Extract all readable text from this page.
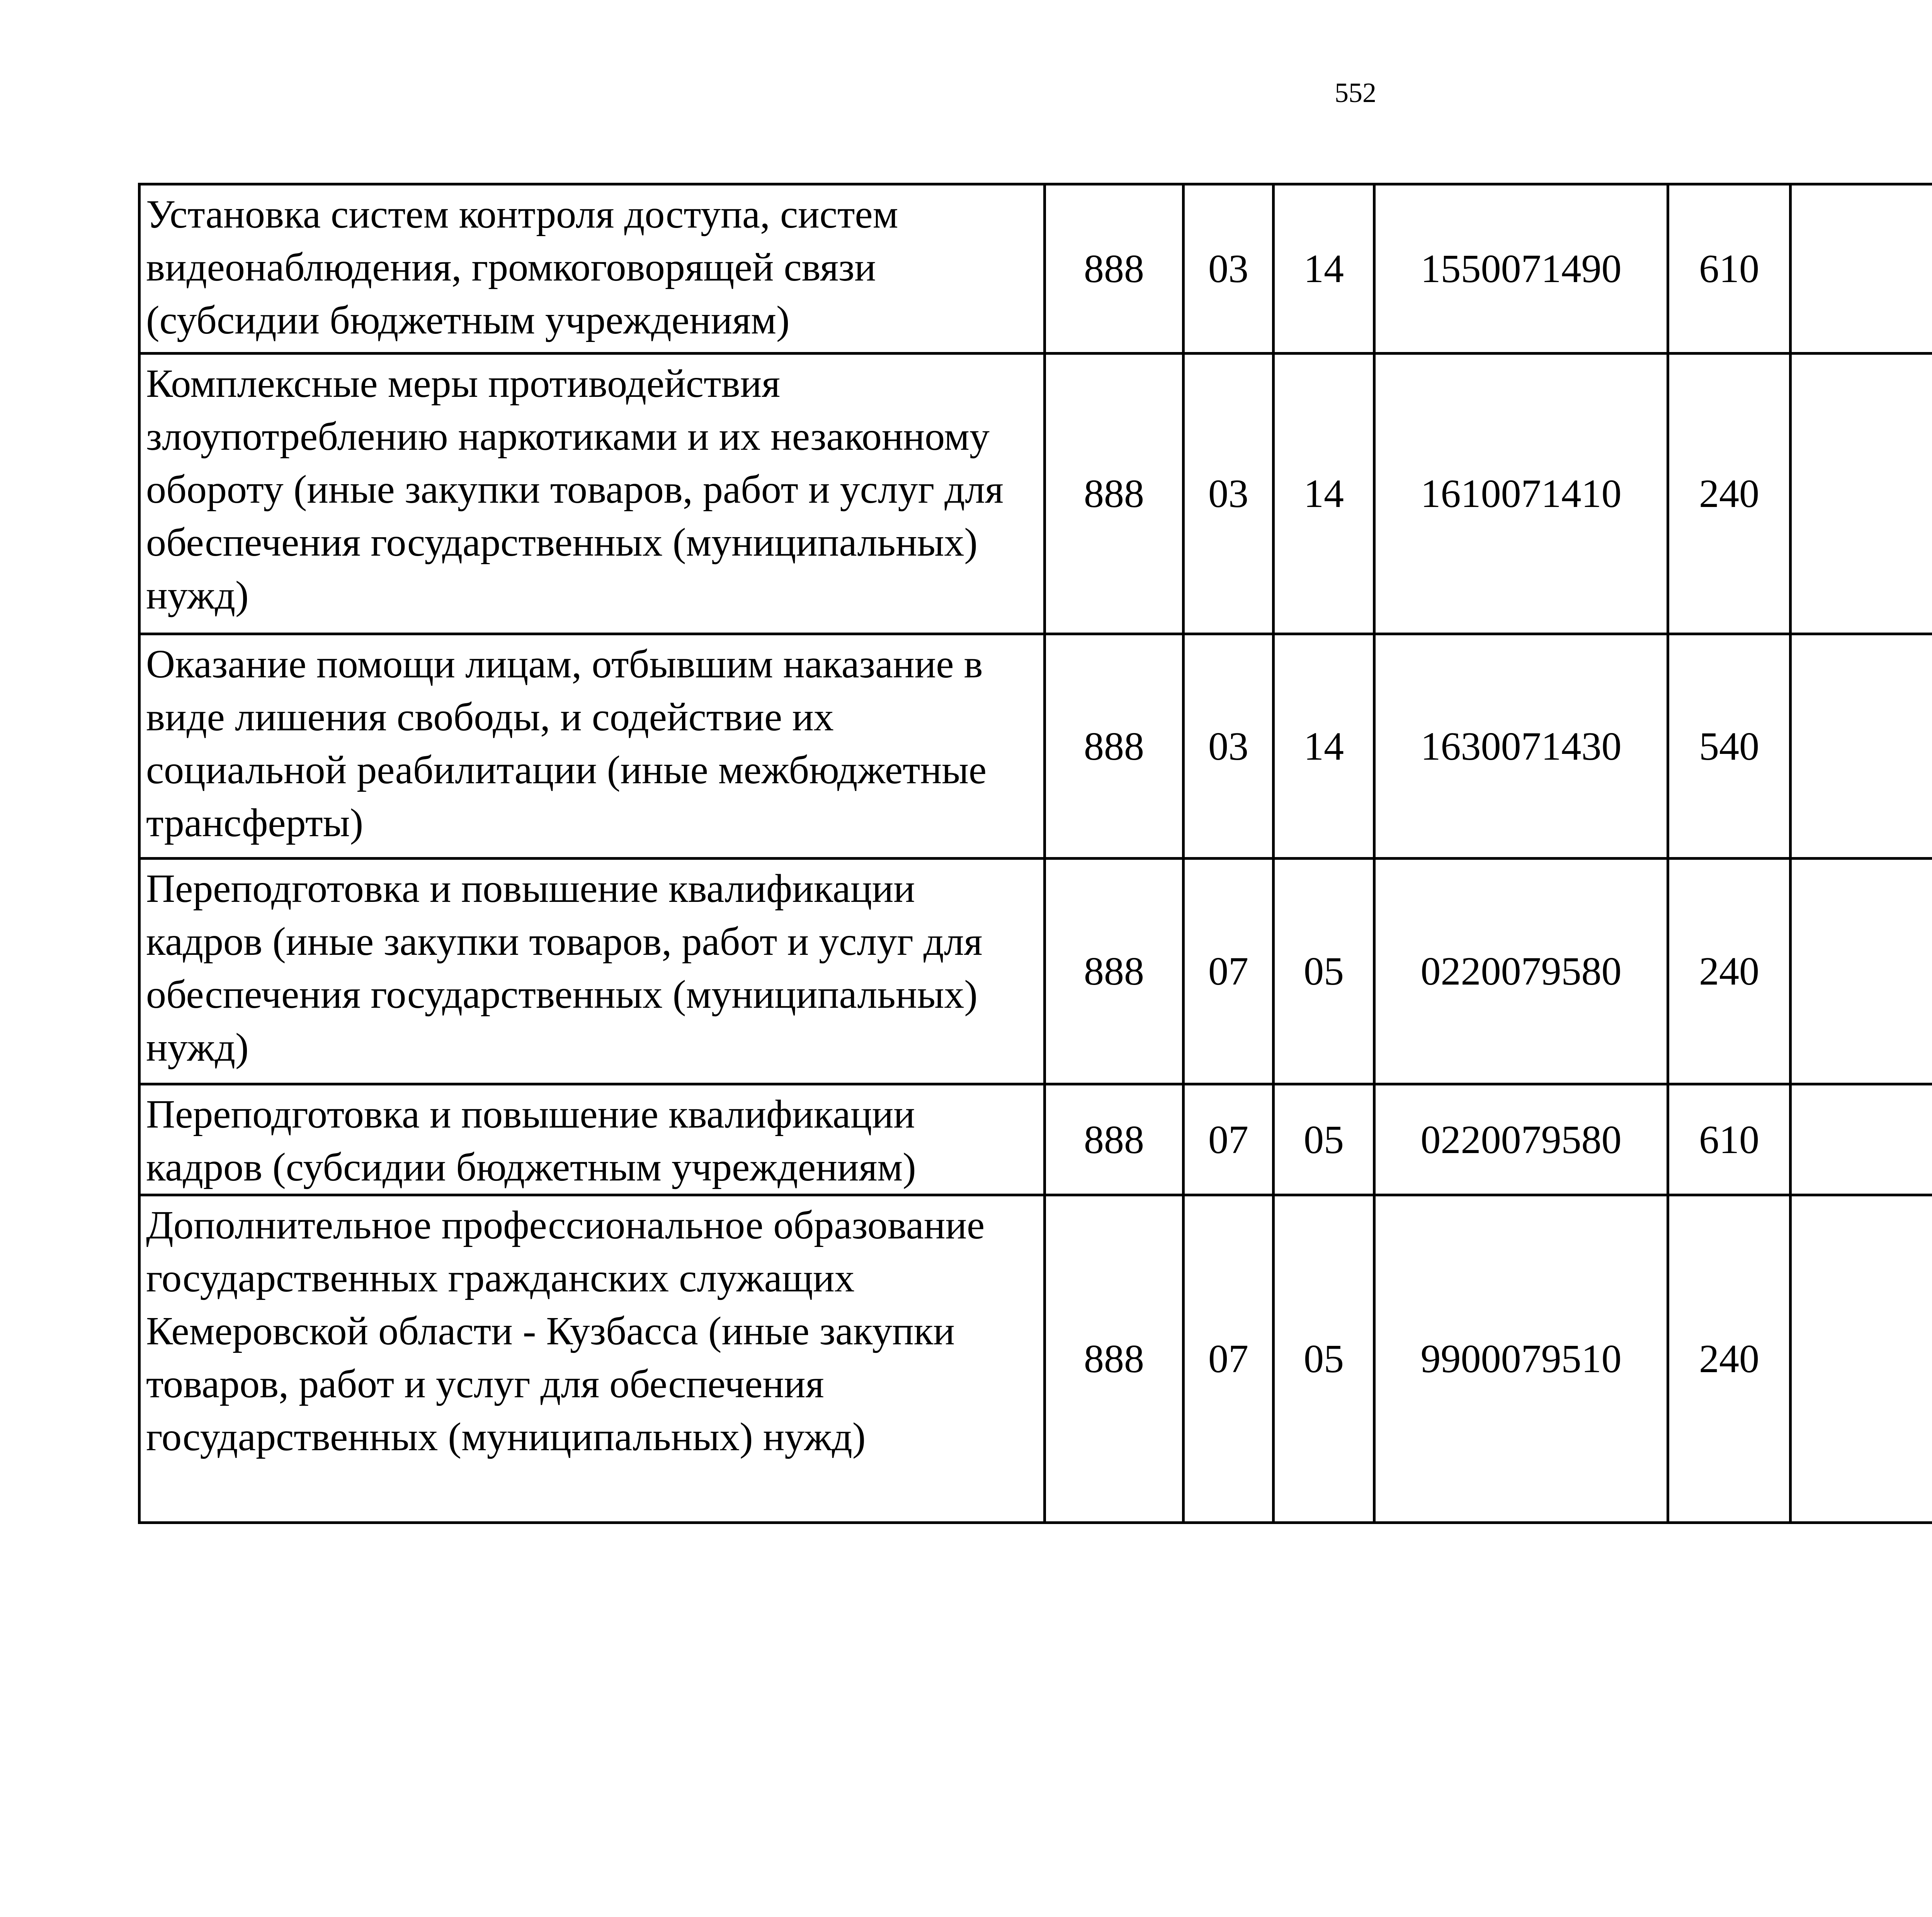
552
Установка систем контроля доступа, систем видеонаблюдения, громкоговорящей связи (субсидии бюджетным учреждениям)	888	03	14	1550071490	610			
Комплексные меры противодействия злоупотреблению наркотиками и их незаконному обороту (иные закупки товаров, работ и услуг для обеспечения государственных (муниципальных) нужд)	888	03	14	1610071410	240			
Оказание помощи лицам, отбывшим наказание в виде лишения свободы, и содействие их социальной реабилитации (иные межбюджетные трансферты)	888	03	14	1630071430	540			
Переподготовка и повышение квалификации кадров (иные закупки товаров, работ и услуг для обеспечения государственных (муниципальных) нужд)	888	07	05	0220079580	240			
Переподготовка и повышение квалификации кадров (субсидии бюджетным учреждениям)	888	07	05	0220079580	610			
Дополнительное профессиональное образование государственных гражданских служащих Кемеровской области - Кузбасса (иные закупки товаров, работ и услуг для обеспечения государственных (муниципальных) нужд)	888	07	05	9900079510	240			
